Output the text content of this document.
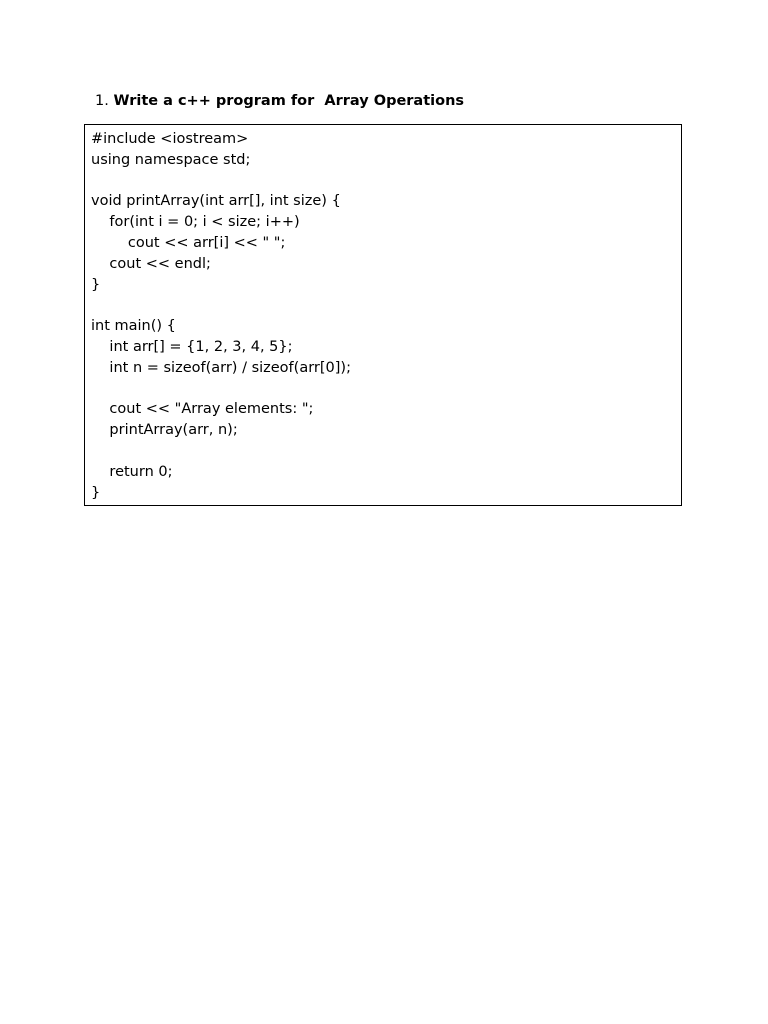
1. Write a c++ program for  Array Operations
#include <iostream>
using namespace std;
void printArray(int arr[], int size) {
for(int i = 0; i < size; i++)
cout << arr[i] << " ";
cout << endl;
}
int main() {
int arr[] = {1, 2, 3, 4, 5};
int n = sizeof(arr) / sizeof(arr[0]);
cout << "Array elements: ";
printArray(arr, n);
return 0;
}
